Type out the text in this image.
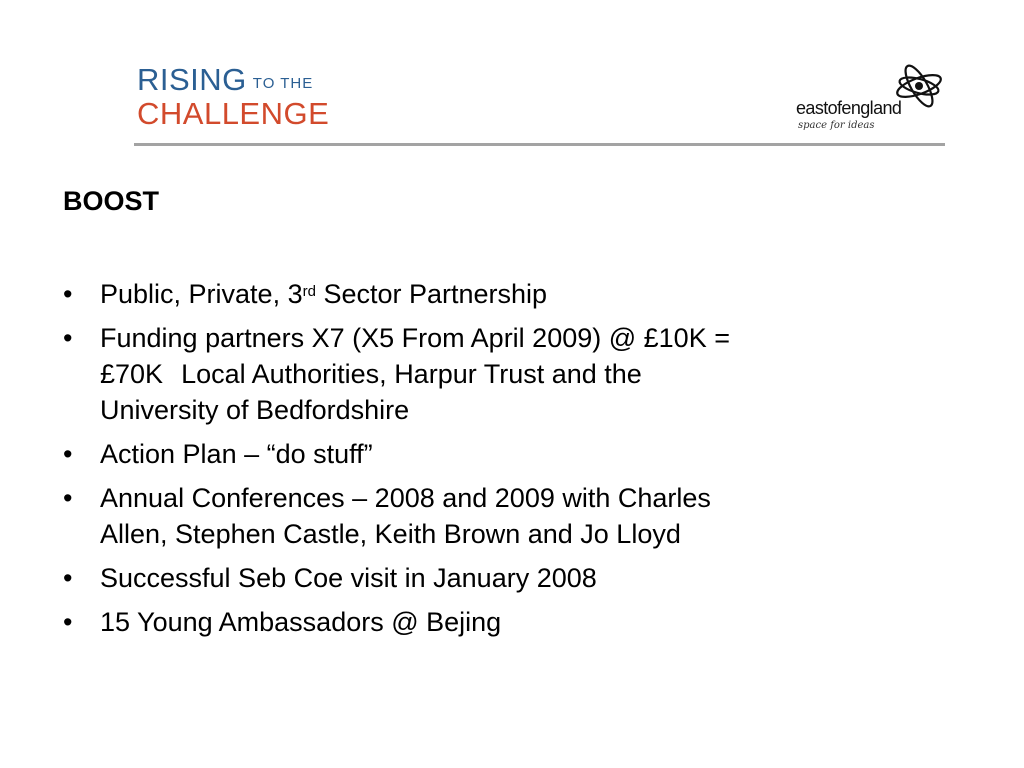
RISING TO THE
CHALLENGE	eastofengland
space for ideas
BOOST
• Public, Private, 3rd Sector Partnership
• Funding partners X7 (X5 From April 2009) @ £10K =
£70K Local Authorities, Harpur Trust and the
University of Bedfordshire
• Action Plan – “do stuff”
• Annual Conferences – 2008 and 2009 with Charles
Allen, Stephen Castle, Keith Brown and Jo Lloyd
• Successful Seb Coe visit in January 2008
• 15 Young Ambassadors @ Bejing
